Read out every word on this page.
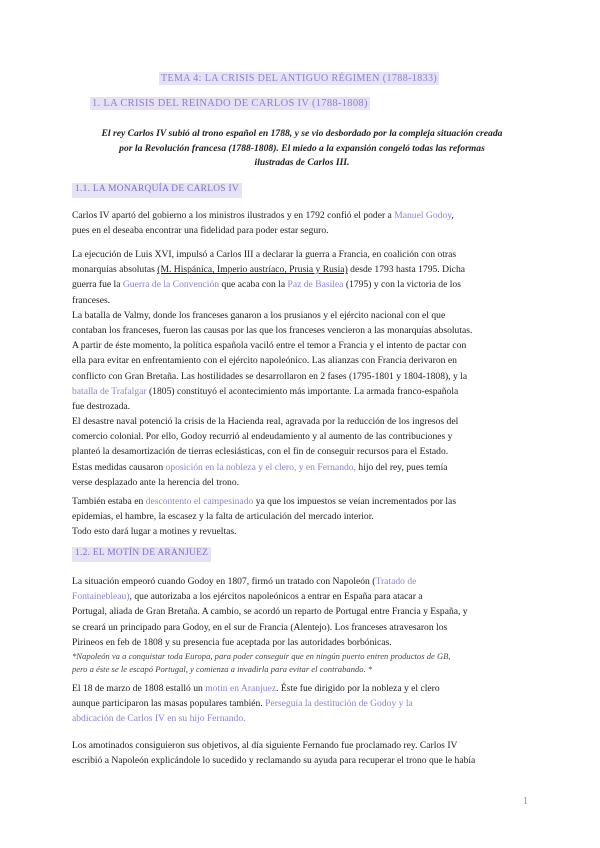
TEMA 4: LA CRISIS DEL ANTIGUO RÉGIMEN (1788-1833)
1. LA CRISIS DEL REINADO DE CARLOS IV (1788-1808)
El rey Carlos IV subió al trono español en 1788, y se vio desbordado por la compleja situación creada
por la Revolución francesa (1788-1808). El miedo a la expansión congeló todas las reformas
ilustradas de Carlos III.
1.1. LA MONARQUÍA DE CARLOS IV
Carlos IV apartó del gobierno a los ministros ilustrados y en 1792 confió el poder a Manuel Godoy,
pues en el deseaba encontrar una fidelidad para poder estar seguro.
La ejecución de Luis XVI, impulsó a Carlos III a declarar la guerra a Francia, en coalición con otras
monarquías absolutas (M. Hispánica, Imperio austríaco, Prusia y Rusia) desde 1793 hasta 1795. Dicha
guerra fue la Guerra de la Convención que acaba con la Paz de Basilea (1795) y con la victoria de los
franceses.
La batalla de Valmy, donde los franceses ganaron a los prusianos y el ejército nacional con el que
contaban los franceses, fueron las causas por las que los franceses vencieron a las monarquías absolutas.
A partir de éste momento, la política española vaciló entre el temor a Francia y el intento de pactar con
ella para evitar en enfrentamiento con el ejército napoleónico. Las alianzas con Francia derivaron en
conflicto con Gran Bretaña. Las hostilidades se desarrollaron en 2 fases (1795-1801 y 1804-1808), y la
batalla de Trafalgar (1805) constituyó el acontecimiento más importante. La armada franco-española
fue destrozada.
El desastre naval potenció la crisis de la Hacienda real, agravada por la reducción de los ingresos del
comercio colonial. Por ello, Godoy recurrió al endeudamiento y al aumento de las contribuciones y
planteó la desamortización de tierras eclesiásticas, con el fin de conseguir recursos para el Estado.
Estas medidas causaron oposición en la nobleza y el clero, y en Fernando, hijo del rey, pues temía
verse desplazado ante la herencia del trono.
También estaba en descontento el campesinado ya que los impuestos se veían incrementados por las
epidemias, el hambre, la escasez y la falta de articulación del mercado interior.
Todo esto dará lugar a motines y revueltas.
1.2. EL MOTÍN DE ARANJUEZ
La situación empeoró cuando Godoy en 1807, firmó un tratado con Napoleón (Tratado de
Fontainebleau), que autorizaba a los ejércitos napoleónicos a entrar en España para atacar a
Portugal, aliada de Gran Bretaña. A cambio, se acordó un reparto de Portugal entre Francia y España, y
se creará un principado para Godoy, en el sur de Francia (Alentejo). Los franceses atravesaron los
Pirineos en feb de 1808 y su presencia fue aceptada por las autoridades borbónicas.
*Napoleón va a conquistar toda Europa, para poder conseguir que en ningún puerto entren productos de GB,
pero a éste se le escapó Portugal, y comienza a invadirla para evitar el contrabando. *
El 18 de marzo de 1808 estalló un motín en Aranjuez. Éste fue dirigido por la nobleza y el clero
aunque participaron las masas populares también. Perseguía la destitución de Godoy y la
abdicación de Carlos IV en su hijo Fernando.
Los amotinados consiguieron sus objetivos, al día siguiente Fernando fue proclamado rey. Carlos IV
escribió a Napoleón explicándole lo sucedido y reclamando su ayuda para recuperar el trono que le había
1
